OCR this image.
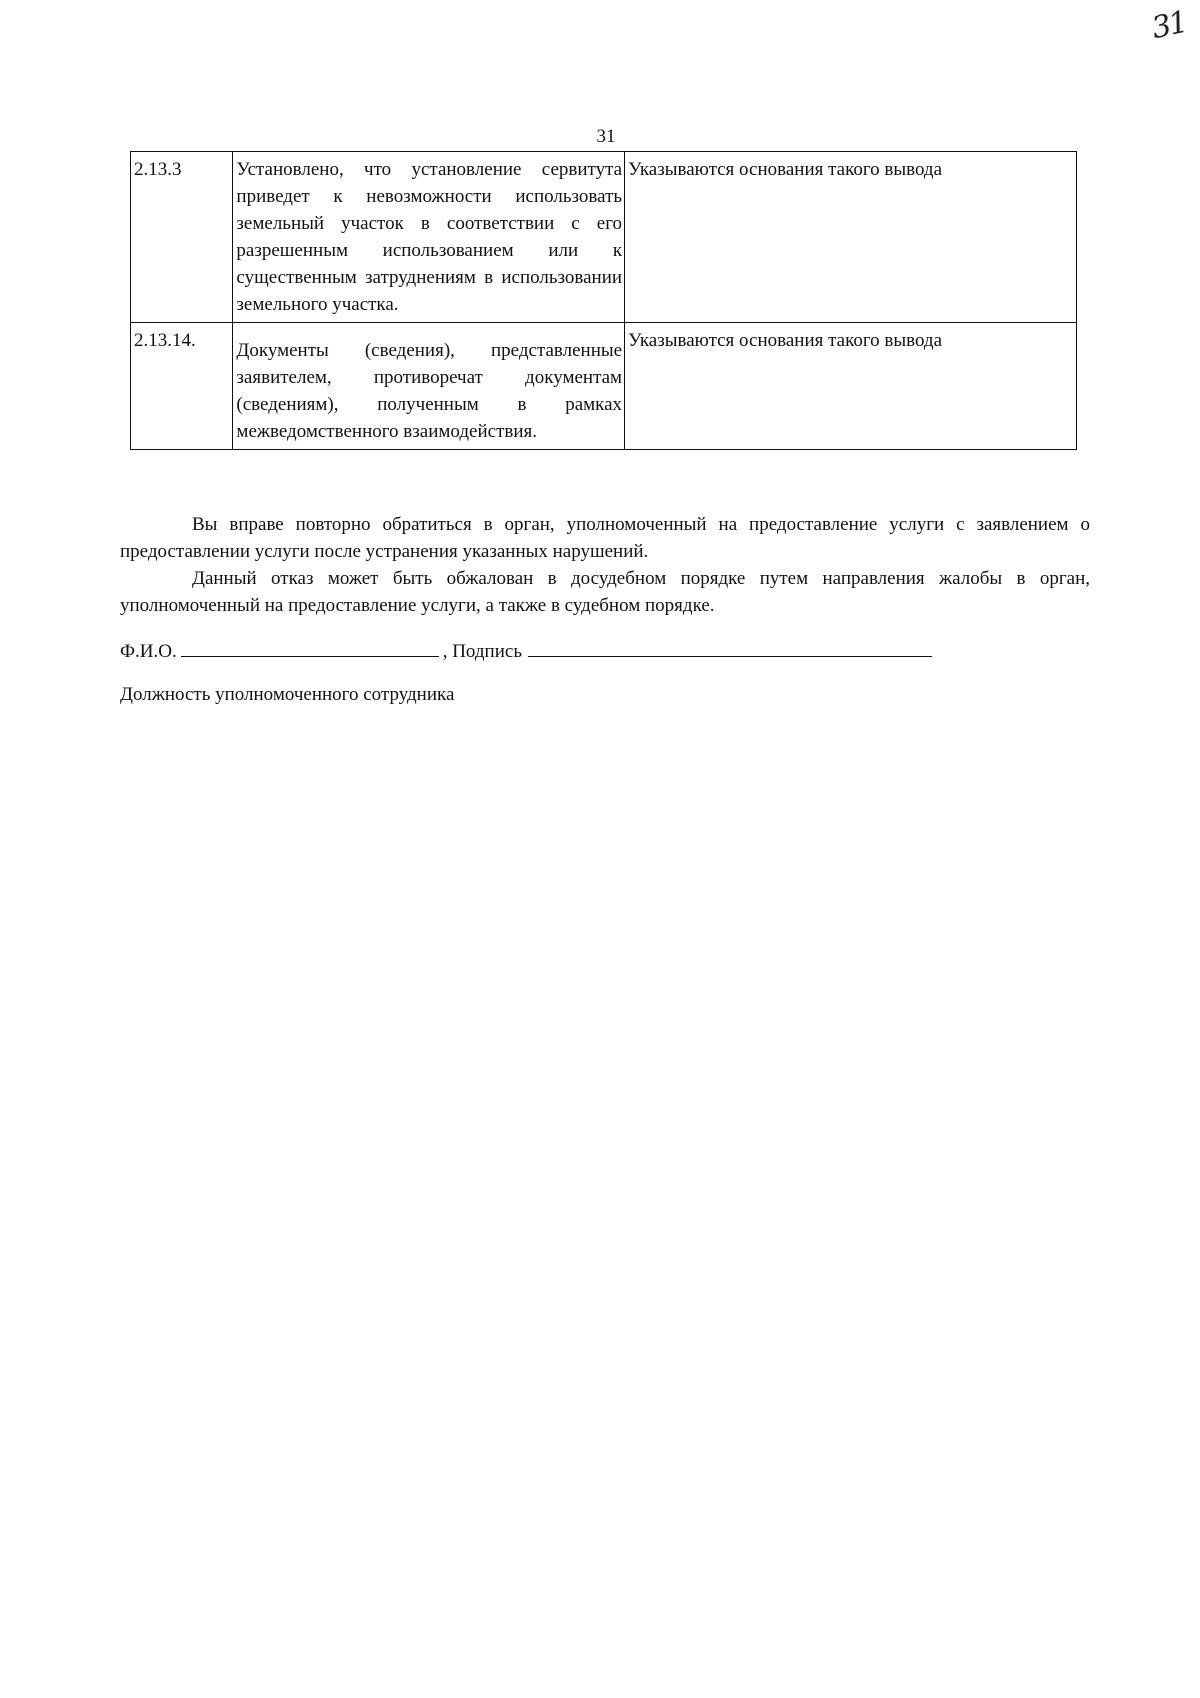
31
31
2.13.3	Установлено, что установление сервитута приведет к невозможности использовать земельный участок в соответствии с его разрешенным использованием или к существенным затруднениям в использовании земельного участка.	Указываются основания такого вывода
2.13.14.	Документы (сведения), представленные заявителем, противоречат документам (сведениям), полученным в рамках межведомственного взаимодействия.	Указываются основания такого вывода

Вы вправе повторно обратиться в орган, уполномоченный на предоставление услуги с заявлением о предоставлении услуги после устранения указанных нарушений.

Данный отказ может быть обжалован в досудебном порядке путем направления жалобы в орган, уполномоченный на предоставление услуги, а также в судебном порядке.

Ф.И.О.	, Подпись
Должность уполномоченного сотрудника
